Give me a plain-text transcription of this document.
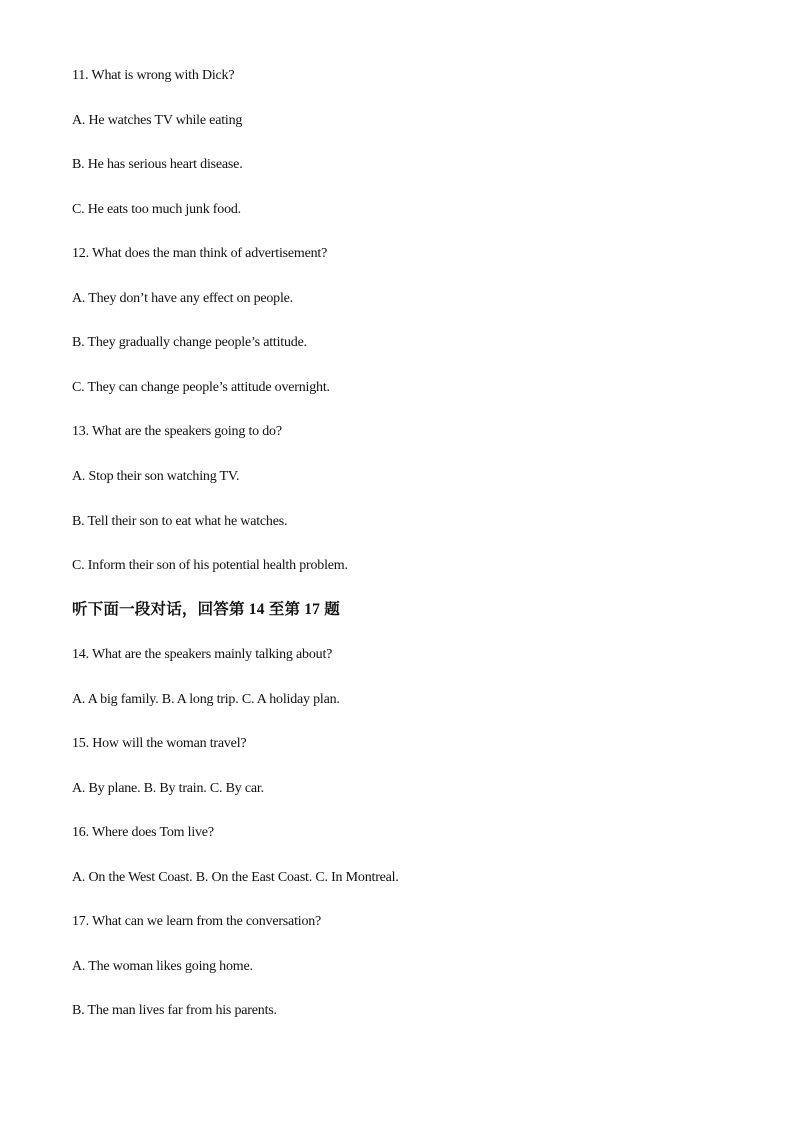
11. What is wrong with Dick?
A. He watches TV while eating
B. He has serious heart disease.
C. He eats too much junk food.
12. What does the man think of advertisement?
A. They don’t have any effect on people.
B. They gradually change people’s attitude.
C. They can change people’s attitude overnight.
13. What are the speakers going to do?
A. Stop their son watching TV.
B. Tell their son to eat what he watches.
C. Inform their son of his potential health problem.
听下面一段对话，回答第 14 至第 17 题
14. What are the speakers mainly talking about?
A. A big family. B. A long trip. C. A holiday plan.
15. How will the woman travel?
A. By plane. B. By train. C. By car.
16. Where does Tom live?
A. On the West Coast. B. On the East Coast. C. In Montreal.
17. What can we learn from the conversation?
A. The woman likes going home.
B. The man lives far from his parents.
